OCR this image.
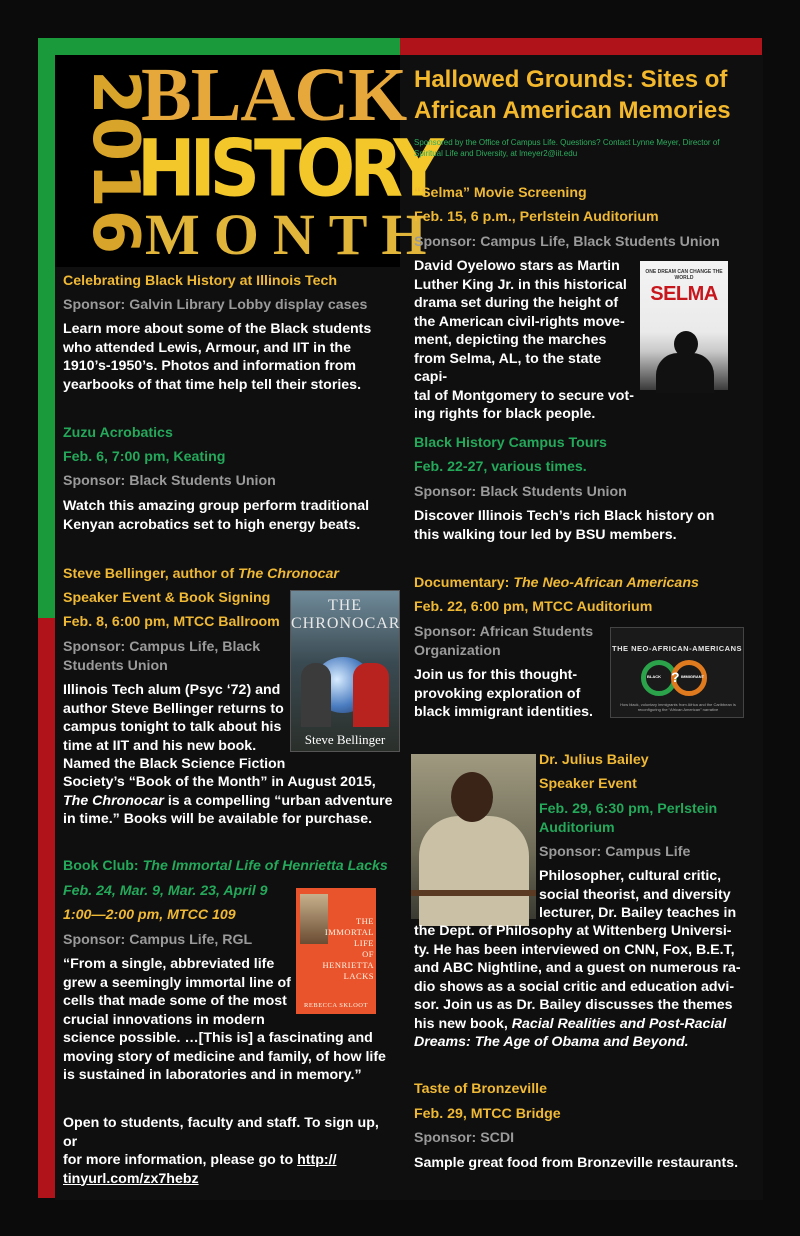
2016
BLACK
HISTORY
MONTH
Hallowed Grounds: Sites of
African American Memories
Sponsored by the Office of Campus Life. Questions? Contact Lynne Meyer, Director of
Spiritual Life and Diversity, at lmeyer2@iit.edu
Celebrating Black History at Illinois Tech
Sponsor: Galvin Library Lobby display cases
Learn more about some of the Black students
who attended Lewis, Armour, and IIT in the
1910’s-1950’s. Photos and information from
yearbooks of that time help tell their stories.
Zuzu Acrobatics
Feb. 6, 7:00 pm, Keating
Sponsor: Black Students Union
Watch this amazing group perform traditional
Kenyan acrobatics set to high energy beats.
Steve Bellinger, author of The Chronocar
Speaker Event & Book Signing
Feb. 8, 6:00 pm, MTCC Ballroom
Sponsor: Campus Life, Black
Students Union
Illinois Tech alum (Psyc ‘72) and
author Steve Bellinger returns to
campus tonight to talk about his
time at IIT and his new book.
Named the Black Science Fiction
Society’s “Book of the Month” in August 2015,
The Chronocar is a compelling “urban adventure
in time.” Books will be available for purchase.
THE CHRONOCAR
Steve Bellinger
Book Club: The Immortal Life of Henrietta Lacks
Feb. 24, Mar. 9, Mar. 23, April 9
1:00—2:00 pm, MTCC 109
Sponsor: Campus Life, RGL
“From a single, abbreviated life
grew a seemingly immortal line of
cells that made some of the most
crucial innovations in modern
science possible. …[This is] a fascinating and
moving story of medicine and family, of how life
is sustained in laboratories and in memory.”
THE
IMMORTAL LIFE
OF
HENRIETTA
LACKS
REBECCA SKLOOT
Open to students, faculty and staff. To sign up, or
for more information, please go to http://
tinyurl.com/zx7hebz
“Selma” Movie Screening
Feb. 15, 6 p.m., Perlstein Auditorium
Sponsor: Campus Life, Black Students Union
David Oyelowo stars as Martin
Luther King Jr. in this historical
drama set during the height of
the American civil-rights move-
ment, depicting the marches
from Selma, AL, to the state capi-
tal of Montgomery to secure vot-
ing rights for black people.
ONE DREAM CAN CHANGE THE WORLD
SELMA
Black History Campus Tours
Feb. 22-27, various times.
Sponsor: Black Students Union
Discover Illinois Tech’s rich Black history on
this walking tour led by BSU members.
Documentary: The Neo-African Americans
Feb. 22, 6:00 pm, MTCC Auditorium
Sponsor: African Students
Organization
Join us for this thought-
provoking exploration of
black immigrant identities.
THE NEO-AFRICAN-AMERICANS
BLACK ? IMMIGRANT
How black, voluntary immigrants from Africa and the Caribbean is reconfiguring the “African American” narrative
Dr. Julius Bailey
Speaker Event
Feb. 29, 6:30 pm, Perlstein
Auditorium
Sponsor: Campus Life
Philosopher, cultural critic,
social theorist, and diversity
lecturer, Dr. Bailey teaches in
the Dept. of Philosophy at Wittenberg Universi-
ty. He has been interviewed on CNN, Fox, B.E.T,
and ABC Nightline, and a guest on numerous ra-
dio shows as a social critic and education advi-
sor. Join us as Dr. Bailey discusses the themes
his new book, Racial Realities and Post-Racial
Dreams: The Age of Obama and Beyond.
Taste of Bronzeville
Feb. 29, MTCC Bridge
Sponsor: SCDI
Sample great food from Bronzeville restaurants.
